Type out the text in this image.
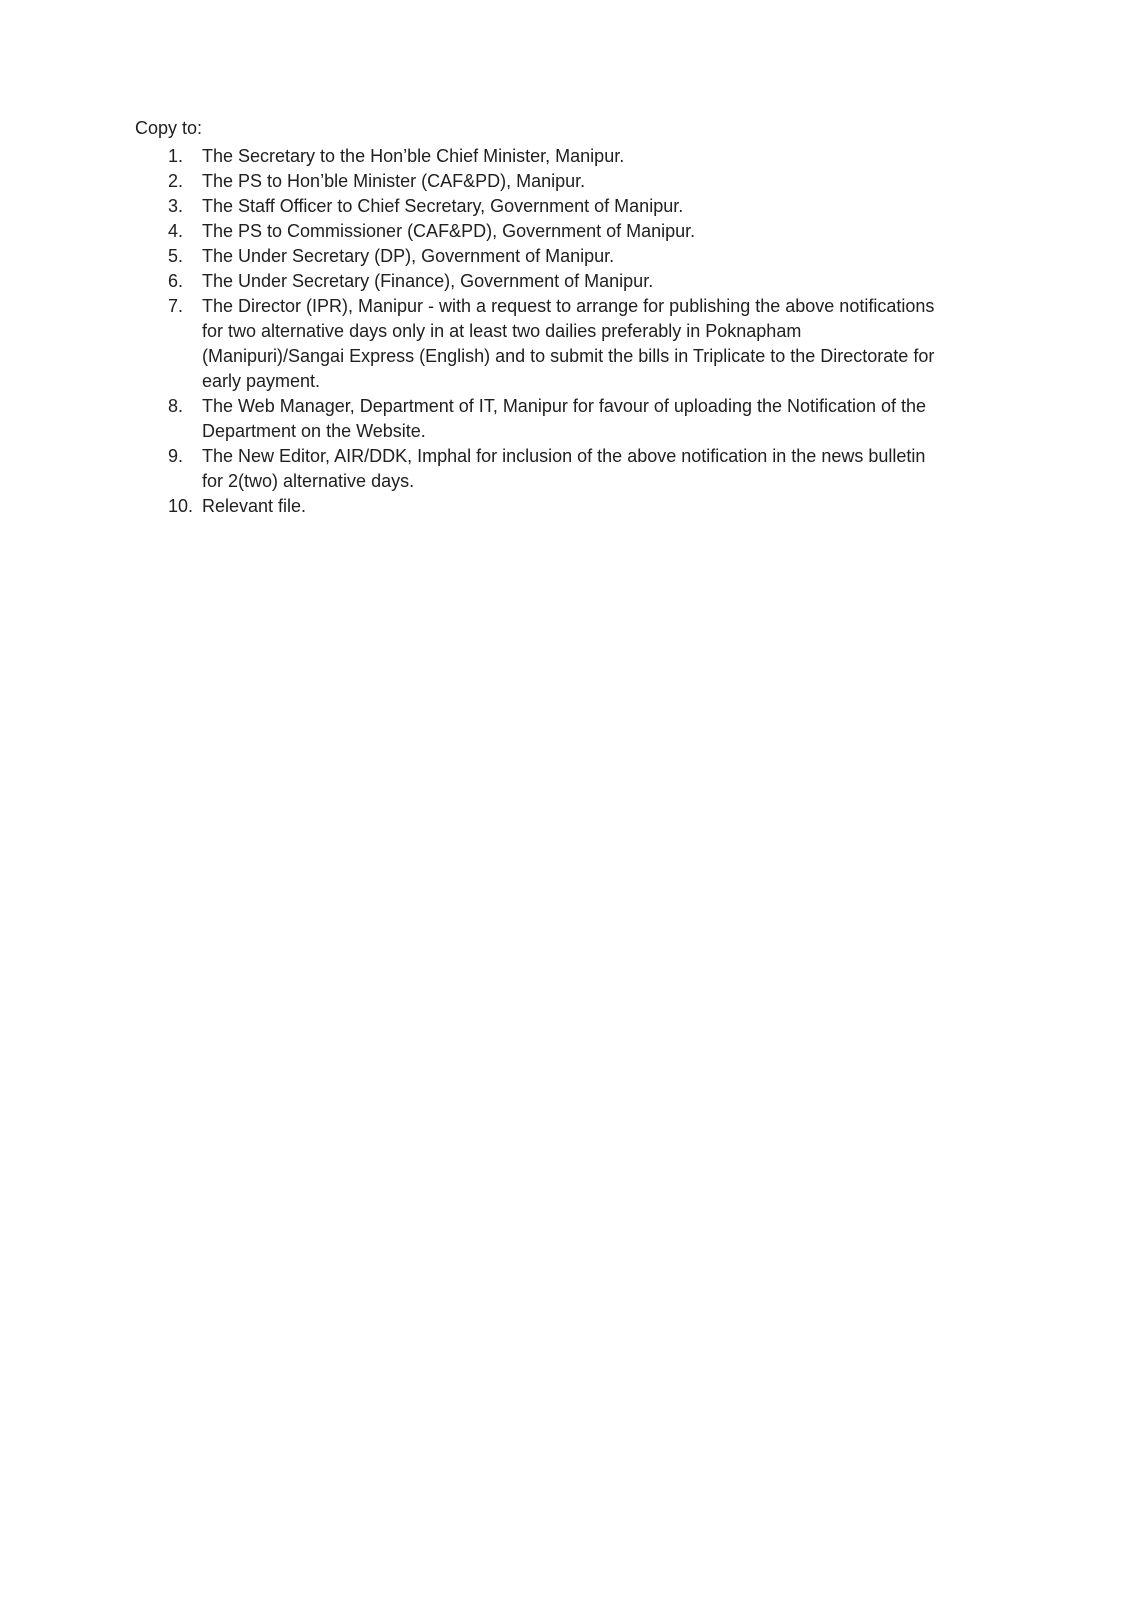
Copy to:

1.	The Secretary to the Hon’ble Chief Minister, Manipur.
2.	The PS to Hon’ble Minister (CAF&PD), Manipur.
3.	The Staff Officer to Chief Secretary, Government of Manipur.
4.	The PS to Commissioner (CAF&PD), Government of Manipur.
5.	The Under Secretary (DP), Government of Manipur.
6.	The Under Secretary (Finance), Government of Manipur.
7.	The Director (IPR), Manipur - with a request to arrange for publishing the above notifications for two alternative days only in at least two dailies preferably in Poknapham (Manipuri)/Sangai Express (English) and to submit the bills in Triplicate to the Directorate for early payment.
8.	The Web Manager, Department of IT, Manipur for favour of uploading the Notification of the Department on the Website.
9.	The New Editor, AIR/DDK, Imphal for inclusion of the above notification in the news bulletin for 2(two) alternative days.
10. Relevant file.
